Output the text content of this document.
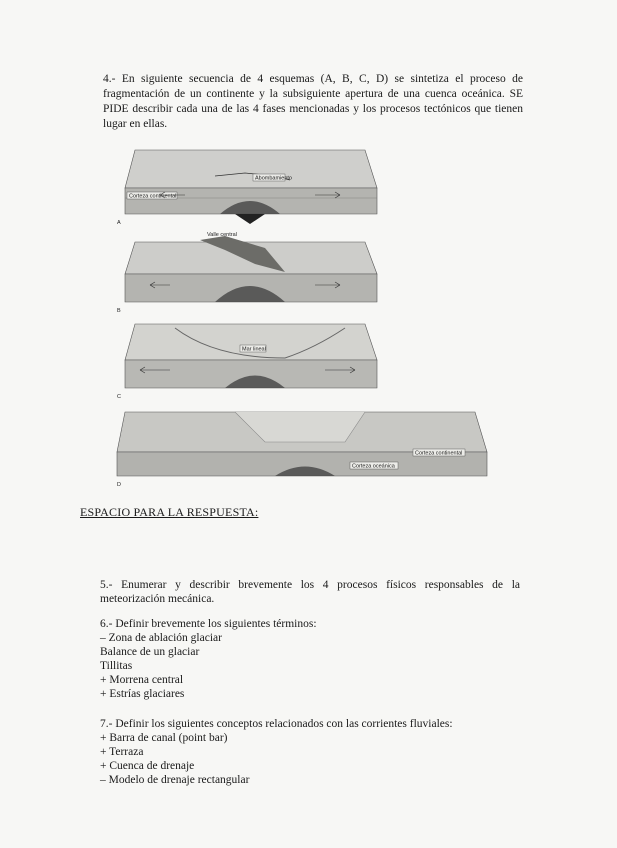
4.- En siguiente secuencia de 4 esquemas (A, B, C, D) se sintetiza el proceso de fragmentación de un continente y la subsiguiente apertura de una cuenca oceánica. SE PIDE describir cada una de las 4 fases mencionadas y los procesos tectónicos que tienen lugar en ellas.
Corteza continental
Abombamiento
A
Valle central
B
Mar lineal
C
Corteza continental
Corteza oceánica
D
ESPACIO PARA LA RESPUESTA:
5.- Enumerar y describir brevemente los 4 procesos físicos responsables de la meteorización mecánica.
6.- Definir brevemente los siguientes términos:
– Zona de ablación glaciar
Balance de un glaciar
Tillitas
+ Morrena central
+ Estrías glaciares
7.- Definir los siguientes conceptos relacionados con las corrientes fluviales:
+ Barra de canal (point bar)
+ Terraza
+ Cuenca de drenaje
– Modelo de drenaje rectangular
